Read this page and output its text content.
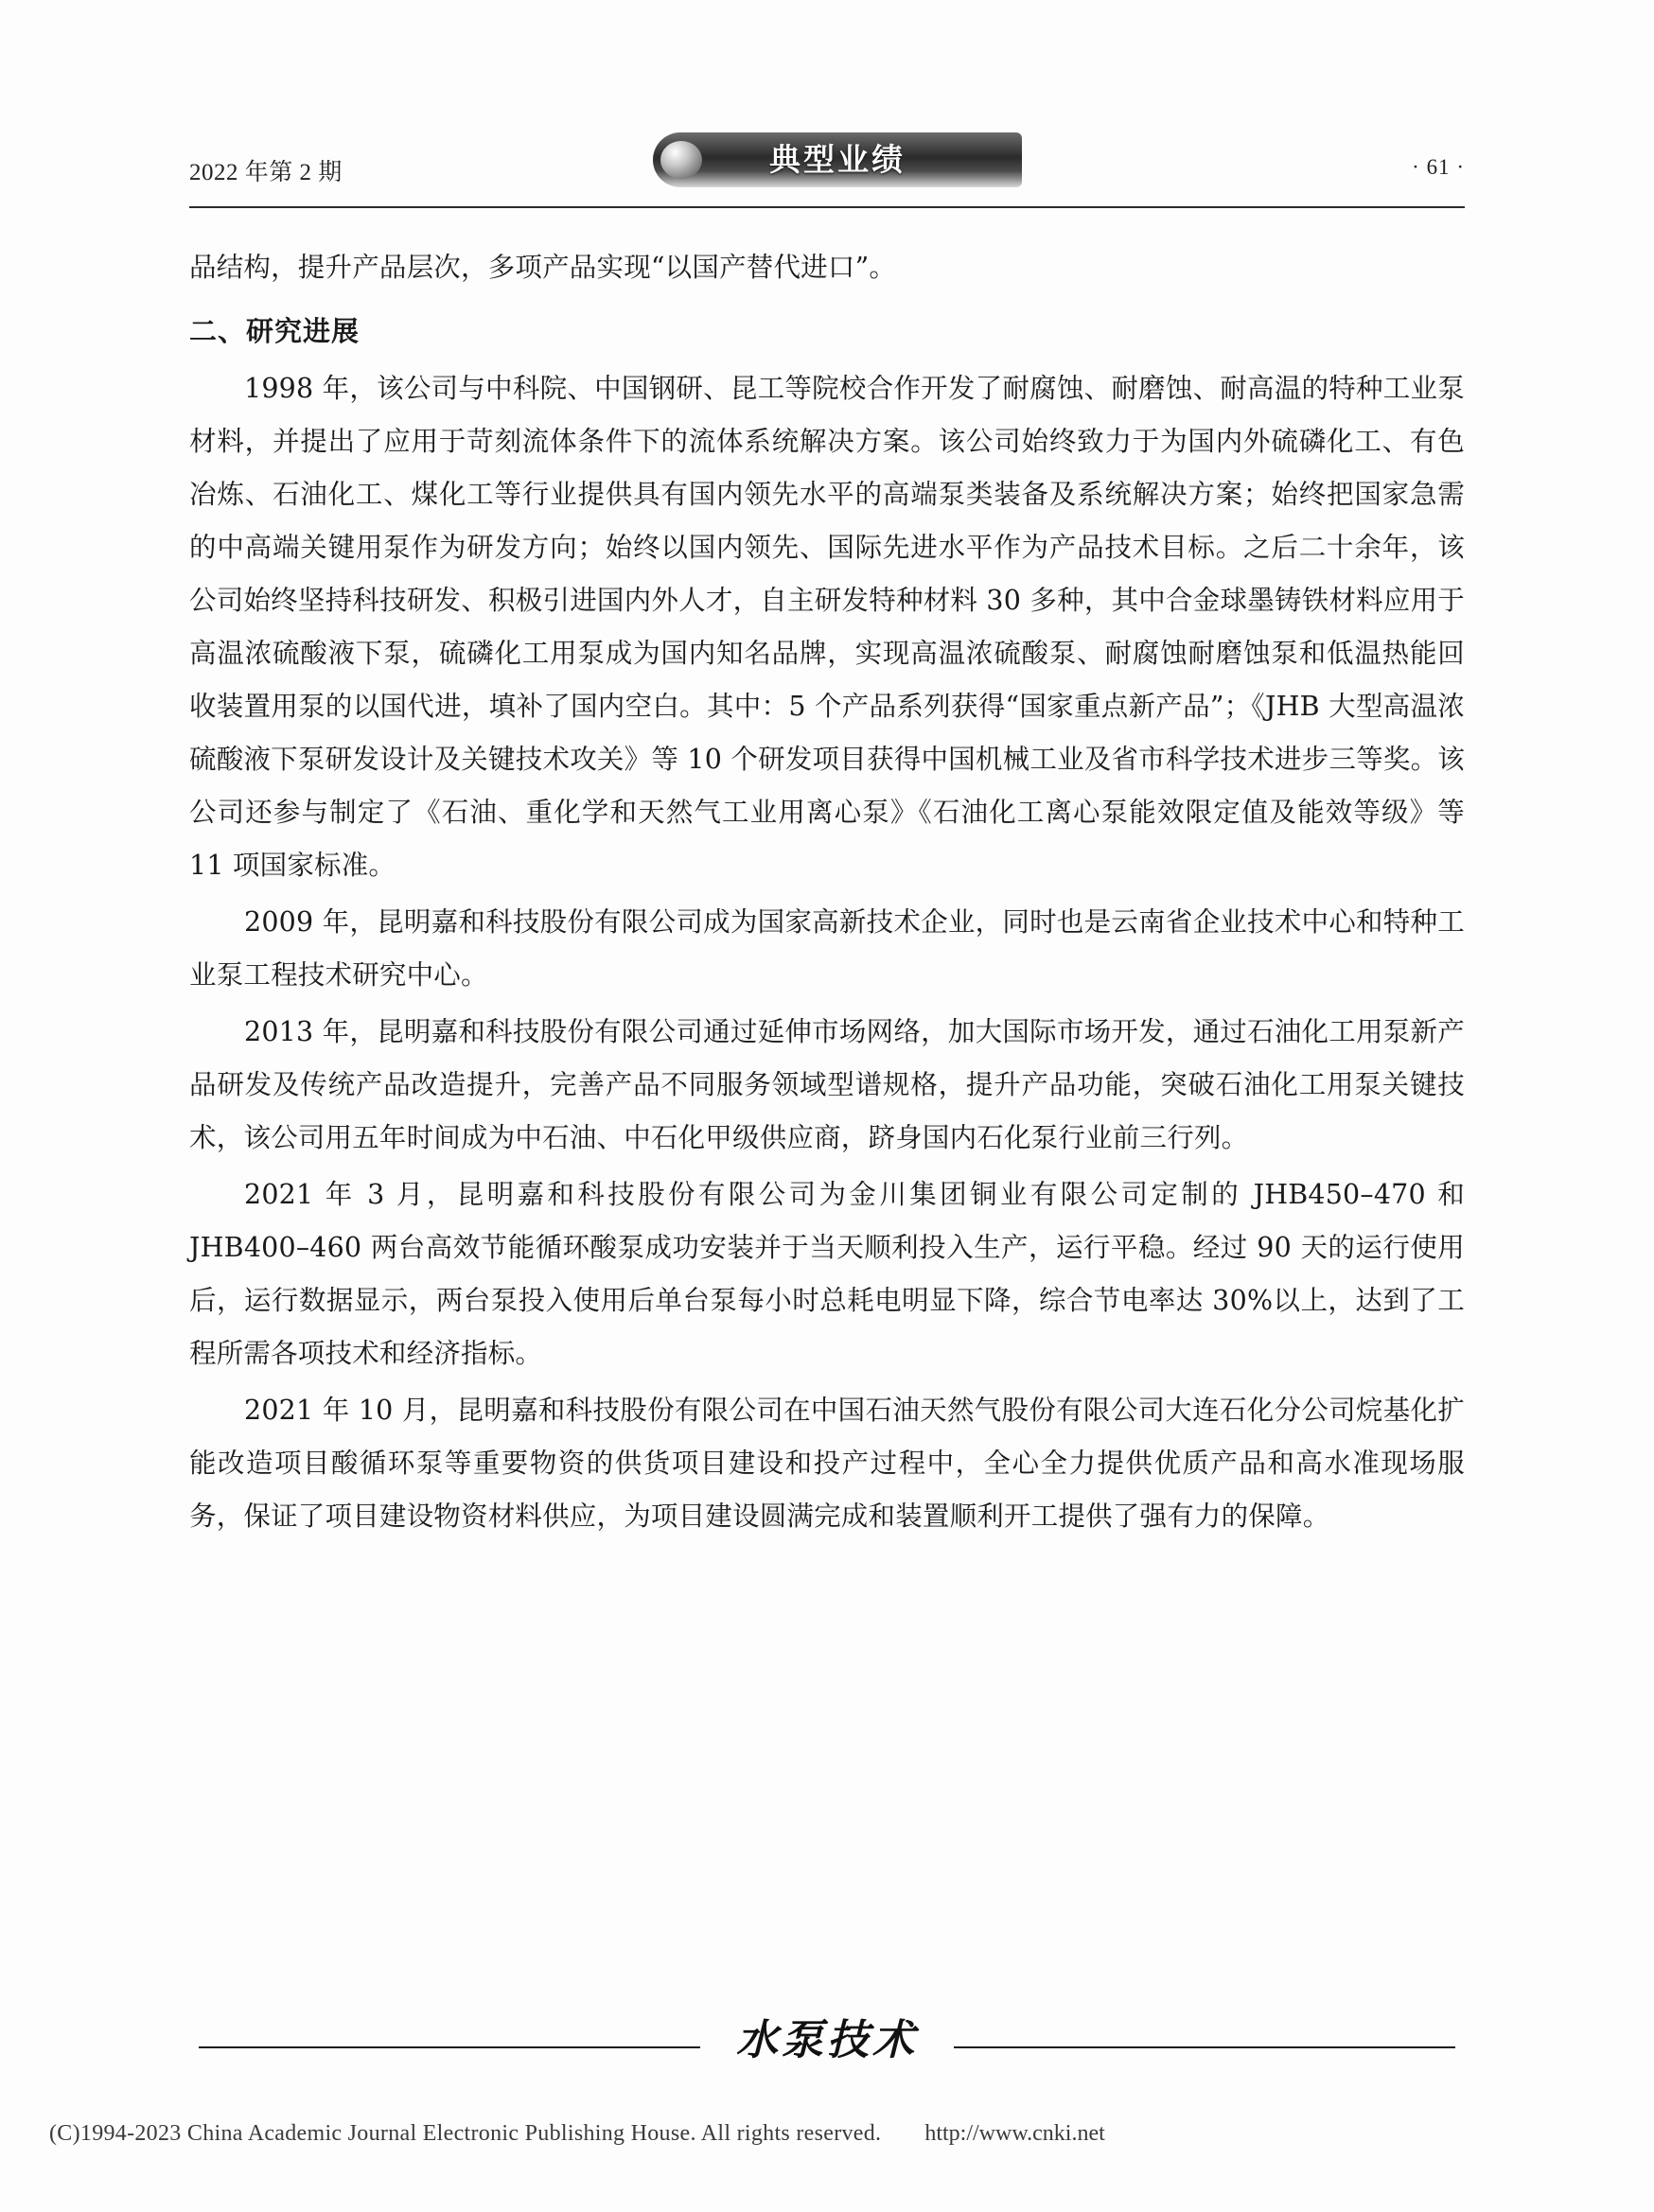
2022 年第 2 期	典型业绩	· 61 ·

品结构，提升产品层次，多项产品实现“以国产替代进口”。

二、研究进展

1998 年，该公司与中科院、中国钢研、昆工等院校合作开发了耐腐蚀、耐磨蚀、耐高温的特种工业泵材料，并提出了应用于苛刻流体条件下的流体系统解决方案。该公司始终致力于为国内外硫磷化工、有色冶炼、石油化工、煤化工等行业提供具有国内领先水平的高端泵类装备及系统解决方案；始终把国家急需的中高端关键用泵作为研发方向；始终以国内领先、国际先进水平作为产品技术目标。之后二十余年，该公司始终坚持科技研发、积极引进国内外人才，自主研发特种材料 30 多种，其中合金球墨铸铁材料应用于高温浓硫酸液下泵，硫磷化工用泵成为国内知名品牌，实现高温浓硫酸泵、耐腐蚀耐磨蚀泵和低温热能回收装置用泵的以国代进，填补了国内空白。其中：5 个产品系列获得“国家重点新产品”；《JHB 大型高温浓硫酸液下泵研发设计及关键技术攻关》等 10 个研发项目获得中国机械工业及省市科学技术进步三等奖。该公司还参与制定了《石油、重化学和天然气工业用离心泵》《石油化工离心泵能效限定值及能效等级》等 11 项国家标准。

2009 年，昆明嘉和科技股份有限公司成为国家高新技术企业，同时也是云南省企业技术中心和特种工业泵工程技术研究中心。

2013 年，昆明嘉和科技股份有限公司通过延伸市场网络，加大国际市场开发，通过石油化工用泵新产品研发及传统产品改造提升，完善产品不同服务领域型谱规格，提升产品功能，突破石油化工用泵关键技术，该公司用五年时间成为中石油、中石化甲级供应商，跻身国内石化泵行业前三行列。

2021 年 3 月，昆明嘉和科技股份有限公司为金川集团铜业有限公司定制的 JHB450–470 和 JHB400–460 两台高效节能循环酸泵成功安装并于当天顺利投入生产，运行平稳。经过 90 天的运行使用后，运行数据显示，两台泵投入使用后单台泵每小时总耗电明显下降，综合节电率达 30%以上，达到了工程所需各项技术和经济指标。

2021 年 10 月，昆明嘉和科技股份有限公司在中国石油天然气股份有限公司大连石化分公司烷基化扩能改造项目酸循环泵等重要物资的供货项目建设和投产过程中，全心全力提供优质产品和高水准现场服务，保证了项目建设物资材料供应，为项目建设圆满完成和装置顺利开工提供了强有力的保障。

水泵技术
(C)1994-2023 China Academic Journal Electronic Publishing House. All rights reserved. http://www.cnki.net
